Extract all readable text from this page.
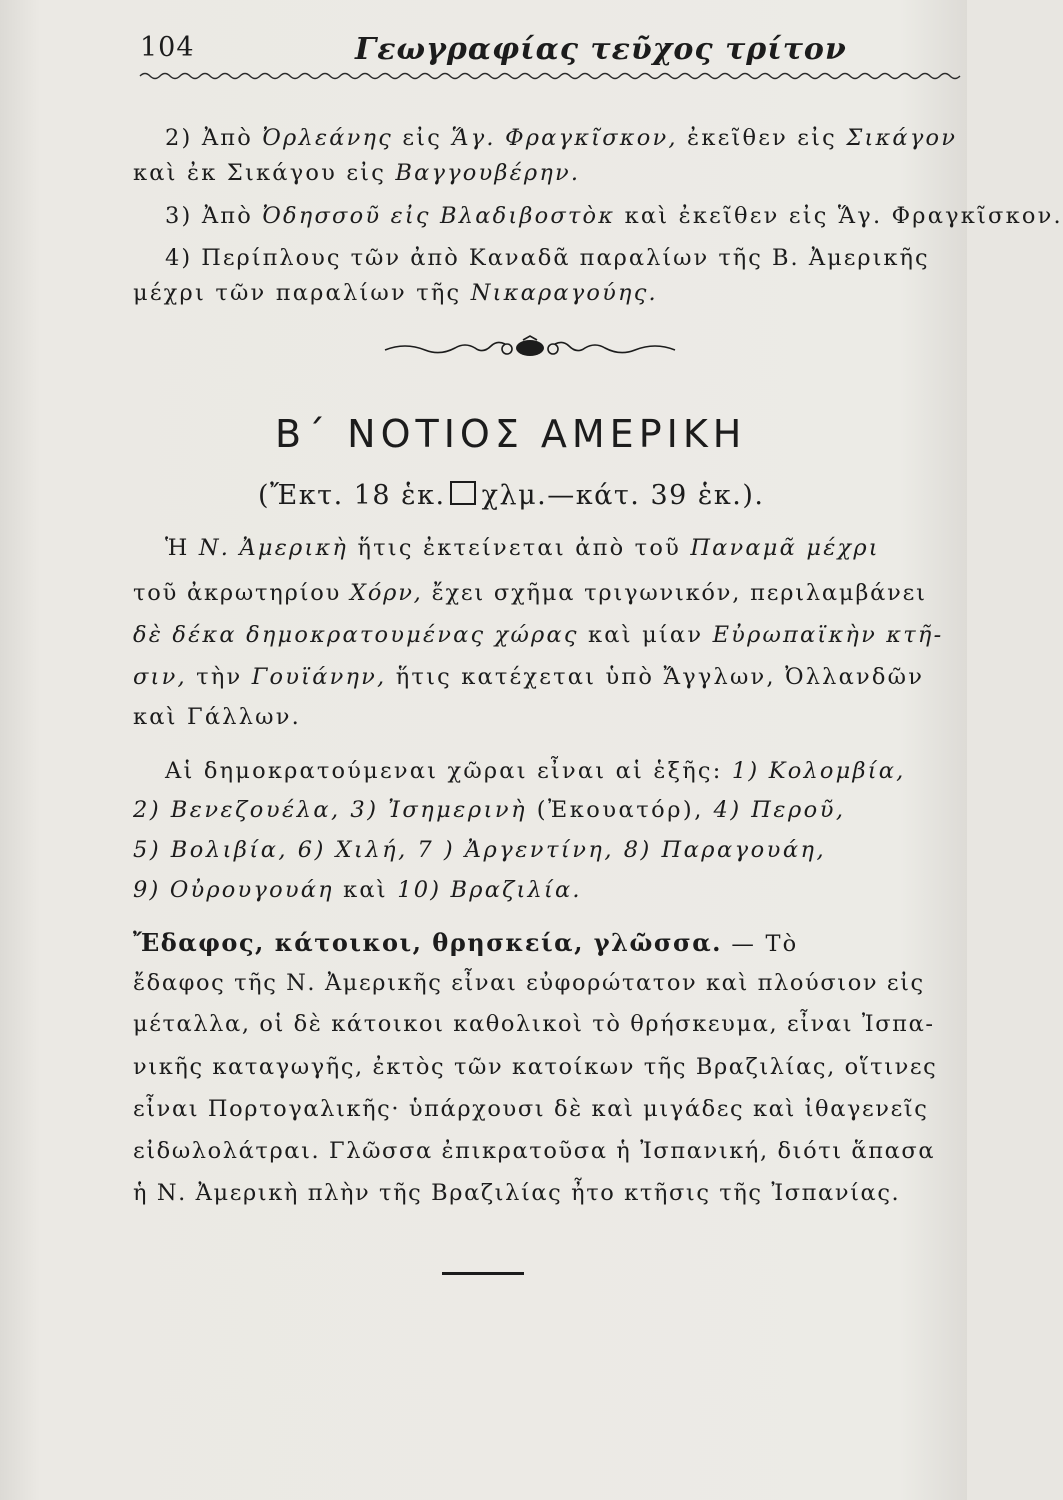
104	Γεωγραφίας τεῦχος τρίτον
2) Ἀπὸ Ὀρλεάνης εἰς Ἅγ. Φραγκῖσκον, ἐκεῖθεν εἰς Σικάγον
καὶ ἐκ Σικάγου εἰς Βαγγουβέρην.
3) Ἀπὸ Ὀδησσοῦ εἰς Βλαδιβοστὸκ καὶ ἐκεῖθεν εἰς Ἅγ. Φραγκῖσκον.
4) Περίπλους τῶν ἀπὸ Καναδᾶ παραλίων τῆς Β. Ἀμερικῆς
μέχρι τῶν παραλίων τῆς Νικαραγούης.
Β΄ ΝΟΤΙΟΣ ΑΜΕΡΙΚΗ
(Ἔκτ. 18 ἑκ. χλμ.—κάτ. 39 ἑκ.).
Ἡ Ν. Ἀμερικὴ ἥτις ἐκτείνεται ἀπὸ τοῦ Παναμᾶ μέχρι
τοῦ ἀκρωτηρίου Χόρν, ἔχει σχῆμα τριγωνικόν, περιλαμβάνει
δὲ δέκα δημοκρατουμένας χώρας καὶ μίαν Εὐρωπαϊκὴν κτῆ-
σιν, τὴν Γουϊάνην, ἥτις κατέχεται ὑπὸ Ἄγγλων, Ὀλλανδῶν
καὶ Γάλλων.
Αἱ δημοκρατούμεναι χῶραι εἶναι αἱ ἑξῆς: 1) Κολομβία,
2) Βενεζουέλα, 3) Ἰσημερινὴ (Ἐκουατόρ), 4) Περοῦ,
5) Βολιβία, 6) Χιλή, 7 ) Ἀργεντίνη, 8) Παραγουάη,
9) Οὐρουγουάη καὶ 10) Βραζιλία.
Ἔδαφος, κάτοικοι, θρησκεία, γλῶσσα. — Τὸ
ἔδαφος τῆς Ν. Ἀμερικῆς εἶναι εὐφορώτατον καὶ πλούσιον εἰς
μέταλλα, οἱ δὲ κάτοικοι καθολικοὶ τὸ θρήσκευμα, εἶναι Ἰσπα-
νικῆς καταγωγῆς, ἐκτὸς τῶν κατοίκων τῆς Βραζιλίας, οἵτινες
εἶναι Πορτογαλικῆς· ὑπάρχουσι δὲ καὶ μιγάδες καὶ ἰθαγενεῖς
εἰδωλολάτραι. Γλῶσσα ἐπικρατοῦσα ἡ Ἰσπανική, διότι ἅπασα
ἡ Ν. Ἀμερικὴ πλὴν τῆς Βραζιλίας ἦτο κτῆσις τῆς Ἰσπανίας.
